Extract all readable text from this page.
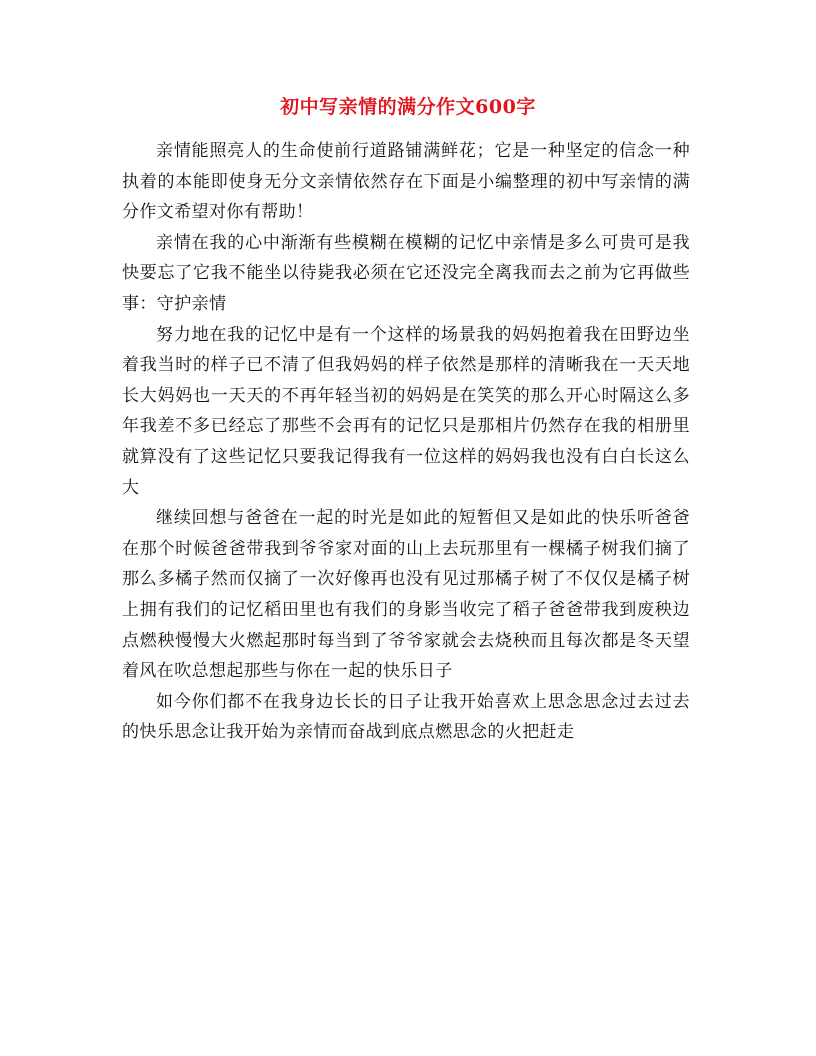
初中写亲情的满分作文600字

亲情能照亮人的生命使前行道路铺满鲜花；它是一种坚定的信念一种执着的本能即使身无分文亲情依然存在下面是小编整理的初中写亲情的满分作文希望对你有帮助！

亲情在我的心中渐渐有些模糊在模糊的记忆中亲情是多么可贵可是我快要忘了它我不能坐以待毙我必须在它还没完全离我而去之前为它再做些事：守护亲情

努力地在我的记忆中是有一个这样的场景我的妈妈抱着我在田野边坐着我当时的样子已不清了但我妈妈的样子依然是那样的清晰我在一天天地长大妈妈也一天天的不再年轻当初的妈妈是在笑笑的那么开心时隔这么多年我差不多已经忘了那些不会再有的记忆只是那相片仍然存在我的相册里就算没有了这些记忆只要我记得我有一位这样的妈妈我也没有白白长这么大

继续回想与爸爸在一起的时光是如此的短暂但又是如此的快乐听爸爸在那个时候爸爸带我到爷爷家对面的山上去玩那里有一棵橘子树我们摘了那么多橘子然而仅摘了一次好像再也没有见过那橘子树了不仅仅是橘子树上拥有我们的记忆稻田里也有我们的身影当收完了稻子爸爸带我到废秧边点燃秧慢慢大火燃起那时每当到了爷爷家就会去烧秧而且每次都是冬天望着风在吹总想起那些与你在一起的快乐日子

如今你们都不在我身边长长的日子让我开始喜欢上思念思念过去过去的快乐思念让我开始为亲情而奋战到底点燃思念的火把赶走
